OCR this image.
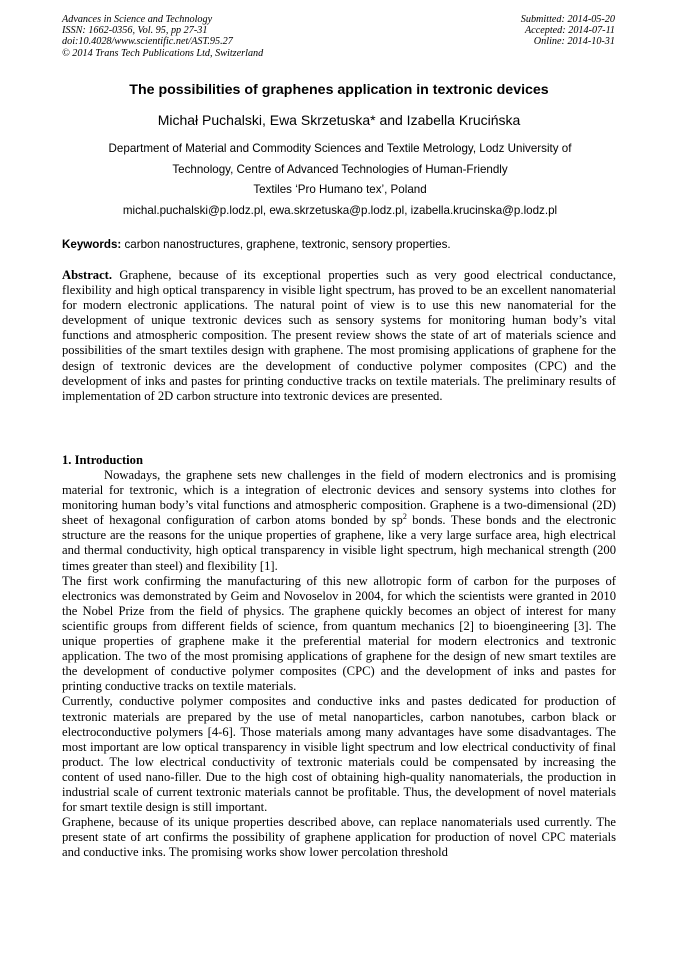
Advances in Science and Technology
ISSN: 1662-0356, Vol. 95, pp 27-31
doi:10.4028/www.scientific.net/AST.95.27
© 2014 Trans Tech Publications Ltd, Switzerland
Submitted: 2014-05-20
Accepted: 2014-07-11
Online: 2014-10-31
The possibilities of graphenes application in textronic devices
Michał Puchalski, Ewa Skrzetuska* and Izabella Krucińska
Department of Material and Commodity Sciences and Textile Metrology, Lodz University of
Technology, Centre of Advanced Technologies of Human-Friendly
Textiles ‘Pro Humano tex’, Poland
michal.puchalski@p.lodz.pl, ewa.skrzetuska@p.lodz.pl, izabella.krucinska@p.lodz.pl
Keywords: carbon nanostructures, graphene, textronic, sensory properties.

Abstract. Graphene, because of its exceptional properties such as very good electrical conductance, flexibility and high optical transparency in visible light spectrum, has proved to be an excellent nanomaterial for modern electronic applications. The natural point of view is to use this new nanomaterial for the development of unique textronic devices such as sensory systems for monitoring human body’s vital functions and atmospheric composition. The present review shows the state of art of materials science and possibilities of the smart textiles design with graphene. The most promising applications of graphene for the design of textronic devices are the development of conductive polymer composites (CPC) and the development of inks and pastes for printing conductive tracks on textile materials. The preliminary results of implementation of 2D carbon structure into textronic devices are presented.

1. Introduction

Nowadays, the graphene sets new challenges in the field of modern electronics and is promising material for textronic, which is a integration of electronic devices and sensory systems into clothes for monitoring human body’s vital functions and atmospheric composition. Graphene is a two-dimensional (2D) sheet of hexagonal configuration of carbon atoms bonded by $sp^2$ bonds. These bonds and the electronic structure are the reasons for the unique properties of graphene, like a very large surface area, high electrical and thermal conductivity, high optical transparency in visible light spectrum, high mechanical strength (200 times greater than steel) and flexibility [1].

The first work confirming the manufacturing of this new allotropic form of carbon for the purposes of electronics was demonstrated by Geim and Novoselov in 2004, for which the scientists were granted in 2010 the Nobel Prize from the field of physics. The graphene quickly becomes an object of interest for many scientific groups from different fields of science, from quantum mechanics [2] to bioengineering [3]. The unique properties of graphene make it the preferential material for modern electronics and textronic application. The two of the most promising applications of graphene for the design of new smart textiles are the development of conductive polymer composites (CPC) and the development of inks and pastes for printing conductive tracks on textile materials.

Currently, conductive polymer composites and conductive inks and pastes dedicated for production of textronic materials are prepared by the use of metal nanoparticles, carbon nanotubes, carbon black or electroconductive polymers [4-6]. Those materials among many advantages have some disadvantages. The most important are low optical transparency in visible light spectrum and low electrical conductivity of final product. The low electrical conductivity of textronic materials could be compensated by increasing the content of used nano-filler. Due to the high cost of obtaining high-quality nanomaterials, the production in industrial scale of current textronic materials cannot be profitable. Thus, the development of novel materials for smart textile design is still important.

Graphene, because of its unique properties described above, can replace nanomaterials used currently. The present state of art confirms the possibility of graphene application for production of novel CPC materials and conductive inks. The promising works show lower percolation threshold
